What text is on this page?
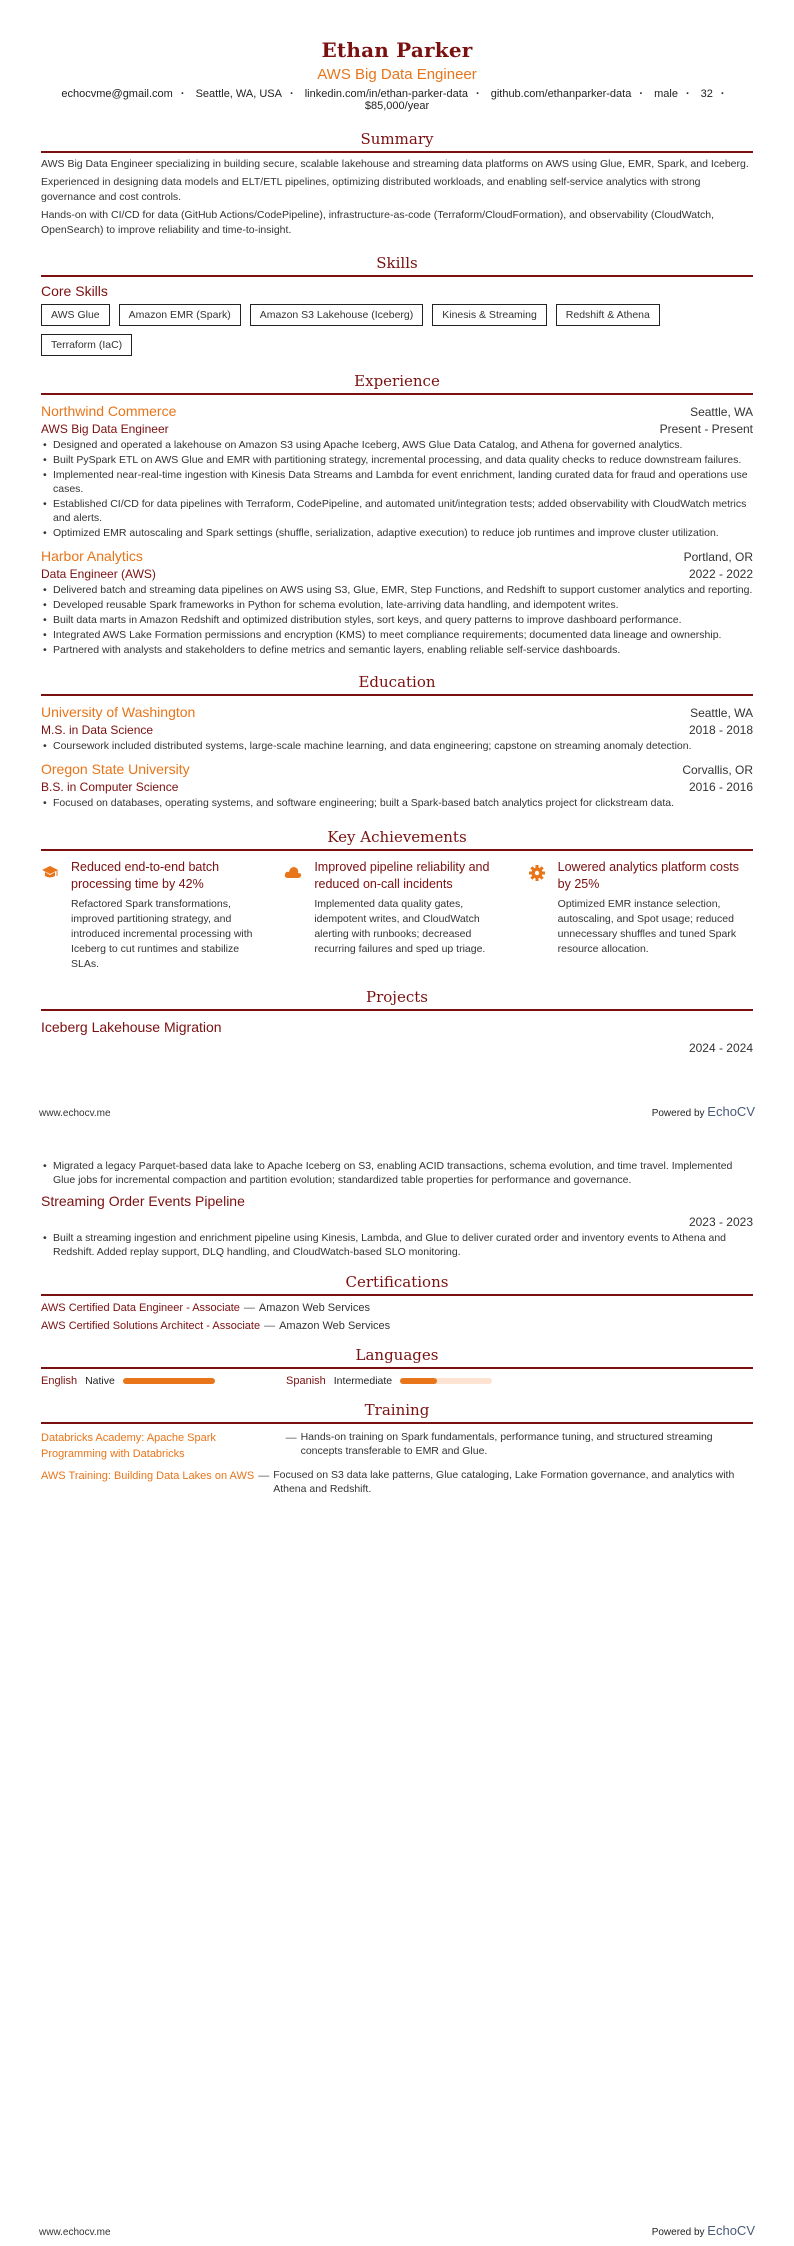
Ethan Parker
AWS Big Data Engineer
echocvme@gmail.com · Seattle, WA, USA · linkedin.com/in/ethan-parker-data · github.com/ethanparker-data · male · 32 · $85,000/year
Summary

AWS Big Data Engineer specializing in building secure, scalable lakehouse and streaming data platforms on AWS using Glue, EMR, Spark, and Iceberg.

Experienced in designing data models and ELT/ETL pipelines, optimizing distributed workloads, and enabling self-service analytics with strong governance and cost controls.

Hands-on with CI/CD for data (GitHub Actions/CodePipeline), infrastructure-as-code (Terraform/CloudFormation), and observability (CloudWatch, OpenSearch) to improve reliability and time-to-insight.

Skills
Core Skills
AWS Glue	Amazon EMR (Spark)	Amazon S3 Lakehouse (Iceberg)	Kinesis & Streaming	Redshift & Athena
Terraform (IaC)
Experience
Northwind Commerce	Seattle, WA
AWS Big Data Engineer	Present - Present
• Designed and operated a lakehouse on Amazon S3 using Apache Iceberg, AWS Glue Data Catalog, and Athena for governed analytics.
• Built PySpark ETL on AWS Glue and EMR with partitioning strategy, incremental processing, and data quality checks to reduce downstream failures.
• Implemented near-real-time ingestion with Kinesis Data Streams and Lambda for event enrichment, landing curated data for fraud and operations use cases.
• Established CI/CD for data pipelines with Terraform, CodePipeline, and automated unit/integration tests; added observability with CloudWatch metrics and alerts.
• Optimized EMR autoscaling and Spark settings (shuffle, serialization, adaptive execution) to reduce job runtimes and improve cluster utilization.
Harbor Analytics	Portland, OR
Data Engineer (AWS)	2022 - 2022
• Delivered batch and streaming data pipelines on AWS using S3, Glue, EMR, Step Functions, and Redshift to support customer analytics and reporting.
• Developed reusable Spark frameworks in Python for schema evolution, late-arriving data handling, and idempotent writes.
• Built data marts in Amazon Redshift and optimized distribution styles, sort keys, and query patterns to improve dashboard performance.
• Integrated AWS Lake Formation permissions and encryption (KMS) to meet compliance requirements; documented data lineage and ownership.
• Partnered with analysts and stakeholders to define metrics and semantic layers, enabling reliable self-service dashboards.
Education
University of Washington	Seattle, WA
M.S. in Data Science	2018 - 2018
• Coursework included distributed systems, large-scale machine learning, and data engineering; capstone on streaming anomaly detection.
Oregon State University	Corvallis, OR
B.S. in Computer Science	2016 - 2016
• Focused on databases, operating systems, and software engineering; built a Spark-based batch analytics project for clickstream data.
Key Achievements
Reduced end-to-end batch processing time by 42%
Refactored Spark transformations, improved partitioning strategy, and introduced incremental processing with Iceberg to cut runtimes and stabilize SLAs.
Improved pipeline reliability and reduced on-call incidents
Implemented data quality gates, idempotent writes, and CloudWatch alerting with runbooks; decreased recurring failures and sped up triage.
Lowered analytics platform costs by 25%
Optimized EMR instance selection, autoscaling, and Spot usage; reduced unnecessary shuffles and tuned Spark resource allocation.
Projects
Iceberg Lakehouse Migration
2024 - 2024
www.echocv.me	Powered by EchoCV
• Migrated a legacy Parquet-based data lake to Apache Iceberg on S3, enabling ACID transactions, schema evolution, and time travel. Implemented Glue jobs for incremental compaction and partition evolution; standardized table properties for performance and governance.
Streaming Order Events Pipeline
2023 - 2023
• Built a streaming ingestion and enrichment pipeline using Kinesis, Lambda, and Glue to deliver curated order and inventory events to Athena and Redshift. Added replay support, DLQ handling, and CloudWatch-based SLO monitoring.
Certifications
AWS Certified Data Engineer - Associate — Amazon Web Services
AWS Certified Solutions Architect - Associate — Amazon Web Services
Languages
English Native	Spanish Intermediate
Training
Databricks Academy: Apache Spark Programming with Databricks
— Hands-on training on Spark fundamentals, performance tuning, and structured streaming concepts transferable to EMR and Glue.
AWS Training: Building Data Lakes on AWS — Focused on S3 data lake patterns, Glue cataloging, Lake Formation governance, and analytics with Athena and Redshift.
www.echocv.me	Powered by EchoCV
